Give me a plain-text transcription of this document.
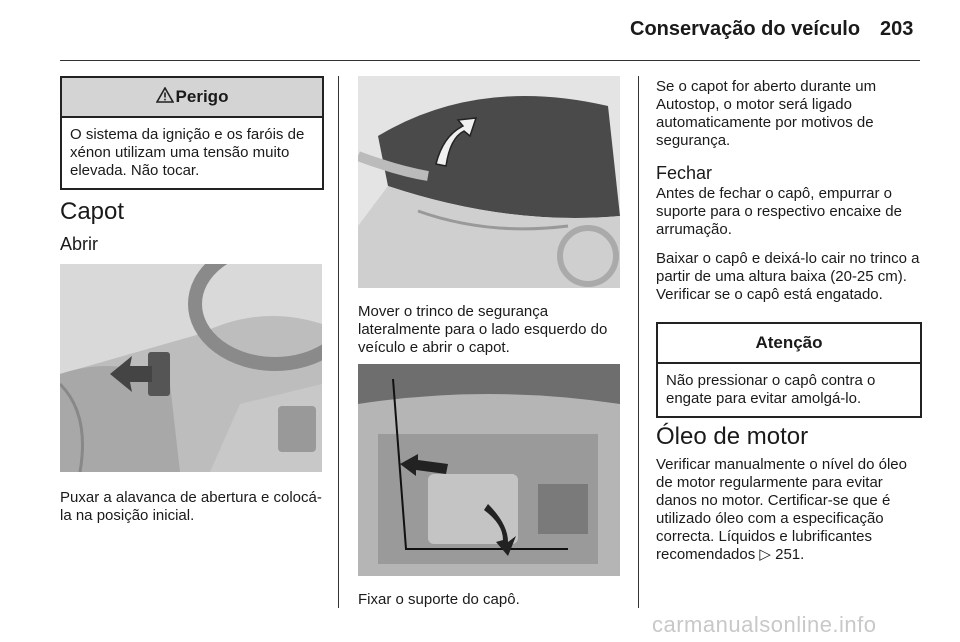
Conservação do veículo 203
Perigo
O sistema da ignição e os faróis de xénon utilizam uma tensão muito elevada. Não tocar.
Capot
Abrir
Puxar a alavanca de abertura e colocá-la na posição inicial.
Mover o trinco de segurança lateralmente para o lado esquerdo do veículo e abrir o capot.
Fixar o suporte do capô.
Se o capot for aberto durante um Autostop, o motor será ligado automaticamente por motivos de segurança.
Fechar
Antes de fechar o capô, empurrar o suporte para o respectivo encaixe de arrumação.
Baixar o capô e deixá-lo cair no trinco a partir de uma altura baixa (20-25 cm). Verificar se o capô está engatado.
Atenção
Não pressionar o capô contra o engate para evitar amolgá-lo.
Óleo de motor
Verificar manualmente o nível do óleo de motor regularmente para evitar danos no motor. Certificar-se que é utilizado óleo com a especificação correcta. Líquidos e lubrificantes recomendados ▷ 251.
carmanualsonline.info
